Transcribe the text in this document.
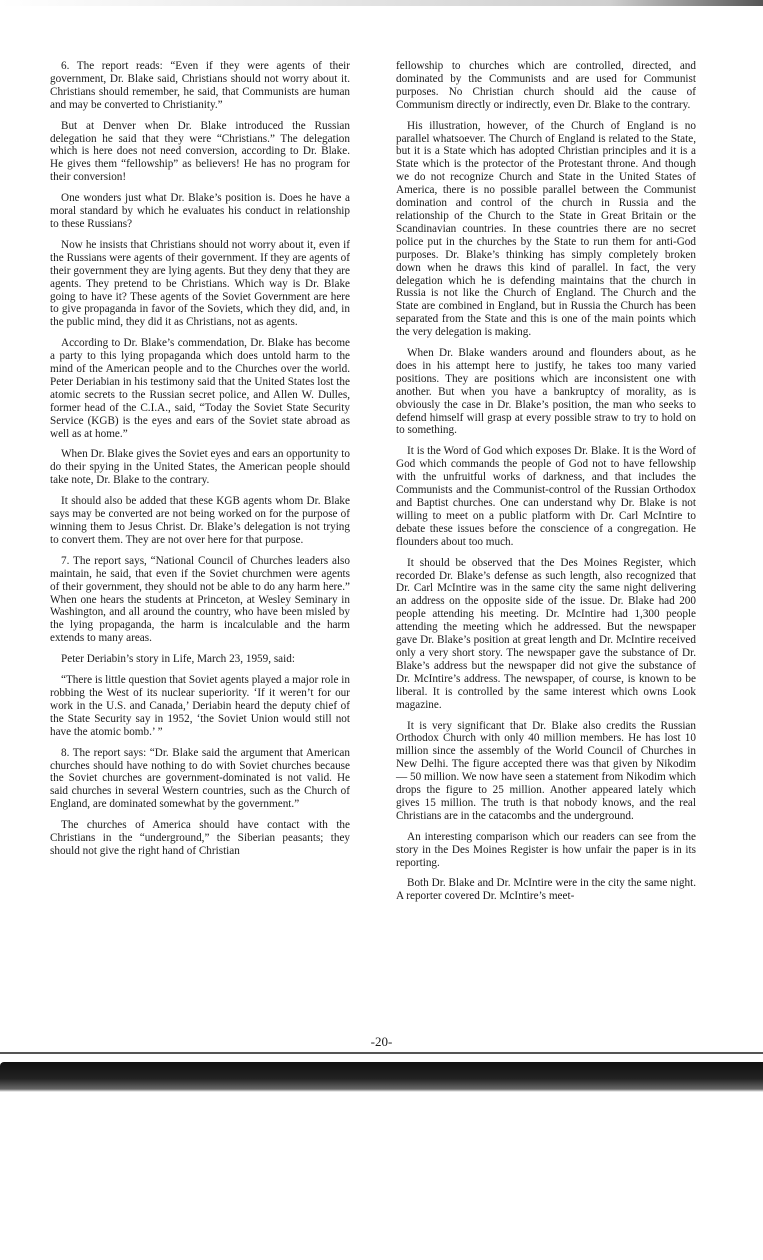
6. The report reads: “Even if they were agents of their government, Dr. Blake said, Christians should not worry about it. Christians should remember, he said, that Communists are human and may be converted to Christianity.”

But at Denver when Dr. Blake introduced the Russian delegation he said that they were “Christians.” The delegation which is here does not need conversion, according to Dr. Blake. He gives them “fellowship” as believers! He has no program for their conversion!

One wonders just what Dr. Blake’s position is. Does he have a moral standard by which he evaluates his conduct in relationship to these Russians?

Now he insists that Christians should not worry about it, even if the Russians were agents of their government. If they are agents of their government they are lying agents. But they deny that they are agents. They pretend to be Christians. Which way is Dr. Blake going to have it? These agents of the Soviet Government are here to give propaganda in favor of the Soviets, which they did, and, in the public mind, they did it as Christians, not as agents.

According to Dr. Blake’s commendation, Dr. Blake has become a party to this lying propaganda which does untold harm to the mind of the American people and to the Churches over the world. Peter Deriabian in his testimony said that the United States lost the atomic secrets to the Russian secret police, and Allen W. Dulles, former head of the C.I.A., said, “Today the Soviet State Security Service (KGB) is the eyes and ears of the Soviet state abroad as well as at home.”

When Dr. Blake gives the Soviet eyes and ears an opportunity to do their spying in the United States, the American people should take note, Dr. Blake to the contrary.

It should also be added that these KGB agents whom Dr. Blake says may be converted are not being worked on for the purpose of winning them to Jesus Christ. Dr. Blake’s delegation is not trying to convert them. They are not over here for that purpose.

7. The report says, “National Council of Churches leaders also maintain, he said, that even if the Soviet churchmen were agents of their government, they should not be able to do any harm here.” When one hears the students at Princeton, at Wesley Seminary in Washington, and all around the country, who have been misled by the lying propaganda, the harm is incalculable and the harm extends to many areas.

Peter Deriabin’s story in Life, March 23, 1959, said:

“There is little question that Soviet agents played a major role in robbing the West of its nuclear superiority. ‘If it weren’t for our work in the U.S. and Canada,’ Deriabin heard the deputy chief of the State Security say in 1952, ‘the Soviet Union would still not have the atomic bomb.’ ”

8. The report says: “Dr. Blake said the argument that American churches should have nothing to do with Soviet churches because the Soviet churches are government-dominated is not valid. He said churches in several Western countries, such as the Church of England, are dominated somewhat by the government.”

The churches of America should have contact with the Christians in the “underground,” the Siberian peasants; they should not give the right hand of Christian

fellowship to churches which are controlled, directed, and dominated by the Communists and are used for Communist purposes. No Christian church should aid the cause of Communism directly or indirectly, even Dr. Blake to the contrary.

His illustration, however, of the Church of England is no parallel whatsoever. The Church of England is related to the State, but it is a State which has adopted Christian principles and it is a State which is the protector of the Protestant throne. And though we do not recognize Church and State in the United States of America, there is no possible parallel between the Communist domination and control of the church in Russia and the relationship of the Church to the State in Great Britain or the Scandinavian countries. In these countries there are no secret police put in the churches by the State to run them for anti-God purposes. Dr. Blake’s thinking has simply completely broken down when he draws this kind of parallel. In fact, the very delegation which he is defending maintains that the church in Russia is not like the Church of England. The Church and the State are combined in England, but in Russia the Church has been separated from the State and this is one of the main points which the very delegation is making.

When Dr. Blake wanders around and flounders about, as he does in his attempt here to justify, he takes too many varied positions. They are positions which are inconsistent one with another. But when you have a bankruptcy of morality, as is obviously the case in Dr. Blake’s position, the man who seeks to defend himself will grasp at every possible straw to try to hold on to something.

It is the Word of God which exposes Dr. Blake. It is the Word of God which commands the people of God not to have fellowship with the unfruitful works of darkness, and that includes the Communists and the Communist-control of the Russian Orthodox and Baptist churches. One can understand why Dr. Blake is not willing to meet on a public platform with Dr. Carl McIntire to debate these issues before the conscience of a congregation. He flounders about too much.

It should be observed that the Des Moines Register, which recorded Dr. Blake’s defense as such length, also recognized that Dr. Carl McIntire was in the same city the same night delivering an address on the opposite side of the issue. Dr. Blake had 200 people attending his meeting. Dr. McIntire had 1,300 people attending the meeting which he addressed. But the newspaper gave Dr. Blake’s position at great length and Dr. McIntire received only a very short story. The newspaper gave the substance of Dr. Blake’s address but the newspaper did not give the substance of Dr. McIntire’s address. The newspaper, of course, is known to be liberal. It is controlled by the same interest which owns Look magazine.

It is very significant that Dr. Blake also credits the Russian Orthodox Church with only 40 million members. He has lost 10 million since the assembly of the World Council of Churches in New Delhi. The figure accepted there was that given by Nikodim — 50 million. We now have seen a statement from Nikodim which drops the figure to 25 million. Another appeared lately which gives 15 million. The truth is that nobody knows, and the real Christians are in the catacombs and the underground.

An interesting comparison which our readers can see from the story in the Des Moines Register is how unfair the paper is in its reporting.

Both Dr. Blake and Dr. McIntire were in the city the same night. A reporter covered Dr. McIntire’s meet-

-20-
